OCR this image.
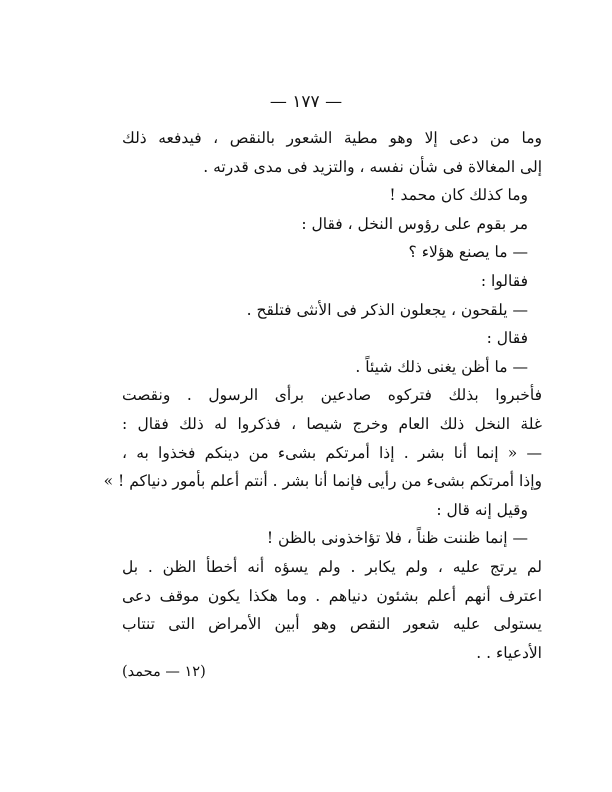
— ١٧٧ —
وما من دعى إلا وهو مطية الشعور بالنقص ، فيدفعه ذلك
إلى المغالاة فى شأن نفسه ، والتزيد فى مدى قدرته .
وما كذلك كان محمد !
مر بقوم على رؤوس النخل ، فقال :
— ما يصنع هؤلاء ؟
فقالوا :
— يلقحون ، يجعلون الذكر فى الأنثى فتلقح .
فقال :
— ما أظن يغنى ذلك شيئاً .
فأخبروا بذلك فتركوه صادعين برأى الرسول . ونقصت
غلة النخل ذلك العام وخرج شيصا ، فذكروا له ذلك فقال :
— « إنما أنا بشر . إذا أمرتكم بشىء من دينكم فخذوا به ،
وإذا أمرتكم بشىء من رأيى فإنما أنا بشر . أنتم أعلم بأمور دنياكم ! »
وقيل إنه قال :
— إنما ظننت ظناً ، فلا تؤاخذونى بالظن !
لم يرتج عليه ، ولم يكابر . ولم يسؤه أنه أخطأ الظن . بل
اعترف أنهم أعلم بشئون دنياهم . وما هكذا يكون موقف دعى
يستولى عليه شعور النقص وهو أبين الأمراض التى تنتاب
الأدعياء . .
(١٢ — محمد)
